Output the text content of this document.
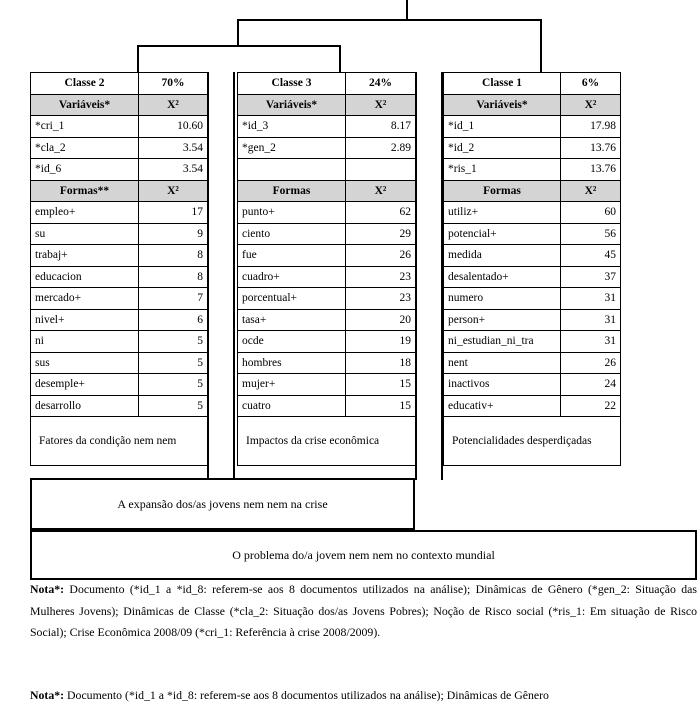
Classe 2	70%
Variáveis*	X²
*cri_1	10.60
*cla_2	3.54
*id_6	3.54
Formas**	X²
empleo+	17
su	9
trabaj+	8
educacion	8
mercado+	7
nivel+	6
ni	5
sus	5
desemple+	5
desarrollo	5
Fatores da condição nem nem	
Classe 3	24%
Variáveis*	X²
*id_3	8.17
*gen_2	2.89

Formas	X²
punto+	62
ciento	29
fue	26
cuadro+	23
porcentual+	23
tasa+	20
ocde	19
hombres	18
mujer+	15
cuatro	15
Impactos da crise econômica	
Classe 1	6%
Variáveis*	X²
*id_1	17.98
*id_2	13.76
*ris_1	13.76
Formas	X²
utiliz+	60
potencial+	56
medida	45
desalentado+	37
numero	31
person+	31
ni_estudian_ni_tra	31
nent	26
inactivos	24
educativ+	22
Potencialidades desperdiçadas	
A expansão dos/as jovens nem nem na crise
O problema do/a jovem nem nem no contexto mundial
Nota*: Documento (*id_1 a *id_8: referem-se aos 8 documentos utilizados na análise); Dinâmicas de Gênero (*gen_2: Situação das Mulheres Jovens); Dinâmicas de Classe (*cla_2: Situação dos/as Jovens Pobres); Noção de Risco social (*ris_1: Em situação de Risco Social); Crise Econômica 2008/09 (*cri_1: Referência à crise 2008/2009).
Nota*: Documento (*id_1 a *id_8: referem-se aos 8 documentos utilizados na análise); Dinâmicas de Gênero
